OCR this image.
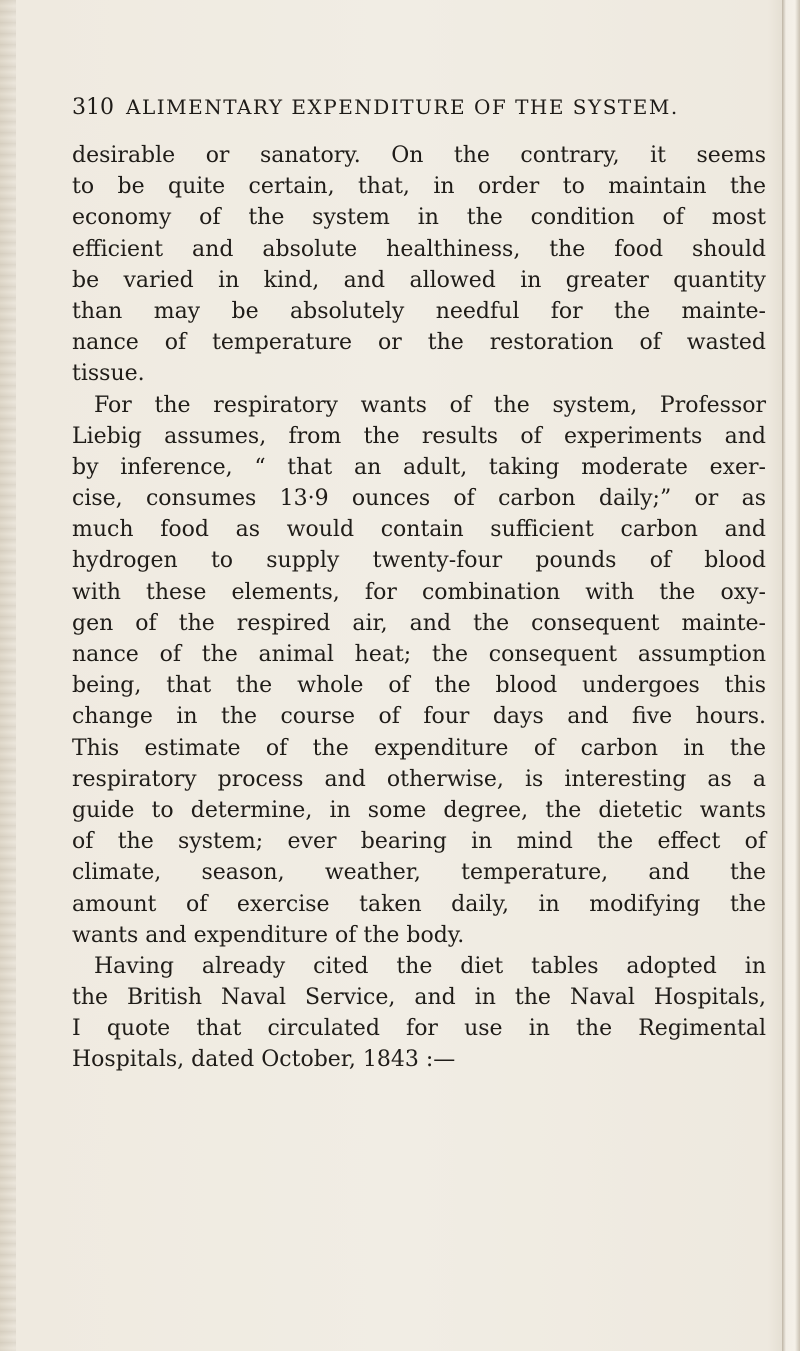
310 ALIMENTARY EXPENDITURE OF THE SYSTEM.
desirable or sanatory. On the contrary, it seems
to be quite certain, that, in order to maintain the
economy of the system in the condition of most
efficient and absolute healthiness, the food should
be varied in kind, and allowed in greater quantity
than may be absolutely needful for the mainte-
nance of temperature or the restoration of wasted
tissue.
For the respiratory wants of the system, Professor
Liebig assumes, from the results of experiments and
by inference, “ that an adult, taking moderate exer-
cise, consumes 13·9 ounces of carbon daily;” or as
much food as would contain sufficient carbon and
hydrogen to supply twenty-four pounds of blood
with these elements, for combination with the oxy-
gen of the respired air, and the consequent mainte-
nance of the animal heat; the consequent assumption
being, that the whole of the blood undergoes this
change in the course of four days and five hours.
This estimate of the expenditure of carbon in the
respiratory process and otherwise, is interesting as a
guide to determine, in some degree, the dietetic wants
of the system; ever bearing in mind the effect of
climate, season, weather, temperature, and the
amount of exercise taken daily, in modifying the
wants and expenditure of the body.
Having already cited the diet tables adopted in
the British Naval Service, and in the Naval Hospitals,
I quote that circulated for use in the Regimental
Hospitals, dated October, 1843 :—
